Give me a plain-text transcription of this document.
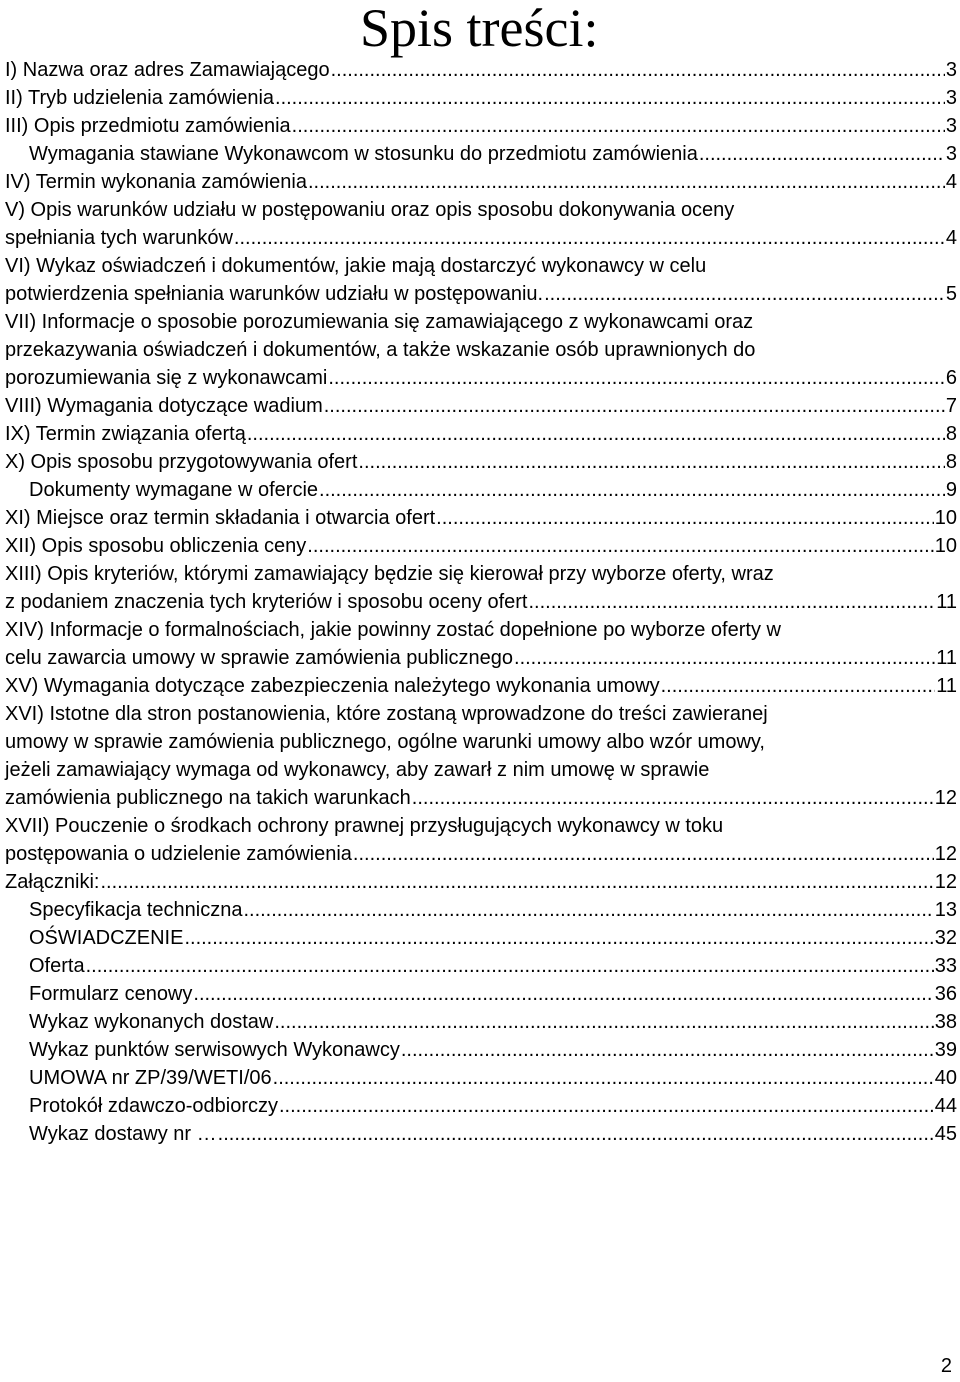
Spis treści:
I) Nazwa oraz adres Zamawiającego .....	3
II) Tryb udzielenia zamówienia .....	3
III) Opis przedmiotu zamówienia .....	3
Wymagania stawiane Wykonawcom w stosunku do przedmiotu zamówienia .....	3
IV) Termin wykonania zamówienia .....	4
V) Opis warunków udziału w postępowaniu oraz opis sposobu dokonywania oceny
spełniania tych warunków .....	4
VI) Wykaz oświadczeń i dokumentów, jakie mają dostarczyć wykonawcy w celu
potwierdzenia spełniania warunków udziału w postępowaniu. .....	5
VII) Informacje o sposobie porozumiewania się zamawiającego z wykonawcami oraz
przekazywania oświadczeń i dokumentów, a także wskazanie osób uprawnionych do
porozumiewania się z wykonawcami .....	6
VIII) Wymagania dotyczące wadium .....	7
IX) Termin związania ofertą .....	8
X) Opis sposobu przygotowywania ofert .....	8
Dokumenty wymagane w ofercie .....	9
XI) Miejsce oraz termin składania i otwarcia ofert .....	10
XII) Opis sposobu obliczenia ceny .....	10
XIII) Opis kryteriów, którymi zamawiający będzie się kierował przy wyborze oferty, wraz
z podaniem znaczenia tych kryteriów i sposobu oceny ofert .....	11
XIV) Informacje o formalnościach, jakie powinny zostać dopełnione po wyborze oferty w
celu zawarcia umowy w sprawie zamówienia publicznego .....	11
XV) Wymagania dotyczące zabezpieczenia należytego wykonania umowy .....	11
XVI) Istotne dla stron postanowienia, które zostaną wprowadzone do treści zawieranej
umowy w sprawie zamówienia publicznego, ogólne warunki umowy albo wzór umowy,
jeżeli zamawiający wymaga od wykonawcy, aby zawarł z nim umowę w sprawie
zamówienia publicznego na takich warunkach .....	12
XVII) Pouczenie o środkach ochrony prawnej przysługujących wykonawcy w toku
postępowania o udzielenie zamówienia .....	12
Załączniki: .....	12
Specyfikacja techniczna .....	13
OŚWIADCZENIE .....	32
Oferta .....	33
Formularz cenowy .....	36
Wykaz wykonanych dostaw .....	38
Wykaz punktów serwisowych Wykonawcy .....	39
UMOWA nr ZP/39/WETI/06 .....	40
Protokół zdawczo-odbiorczy .....	44
Wykaz dostawy nr … .....	45
2
